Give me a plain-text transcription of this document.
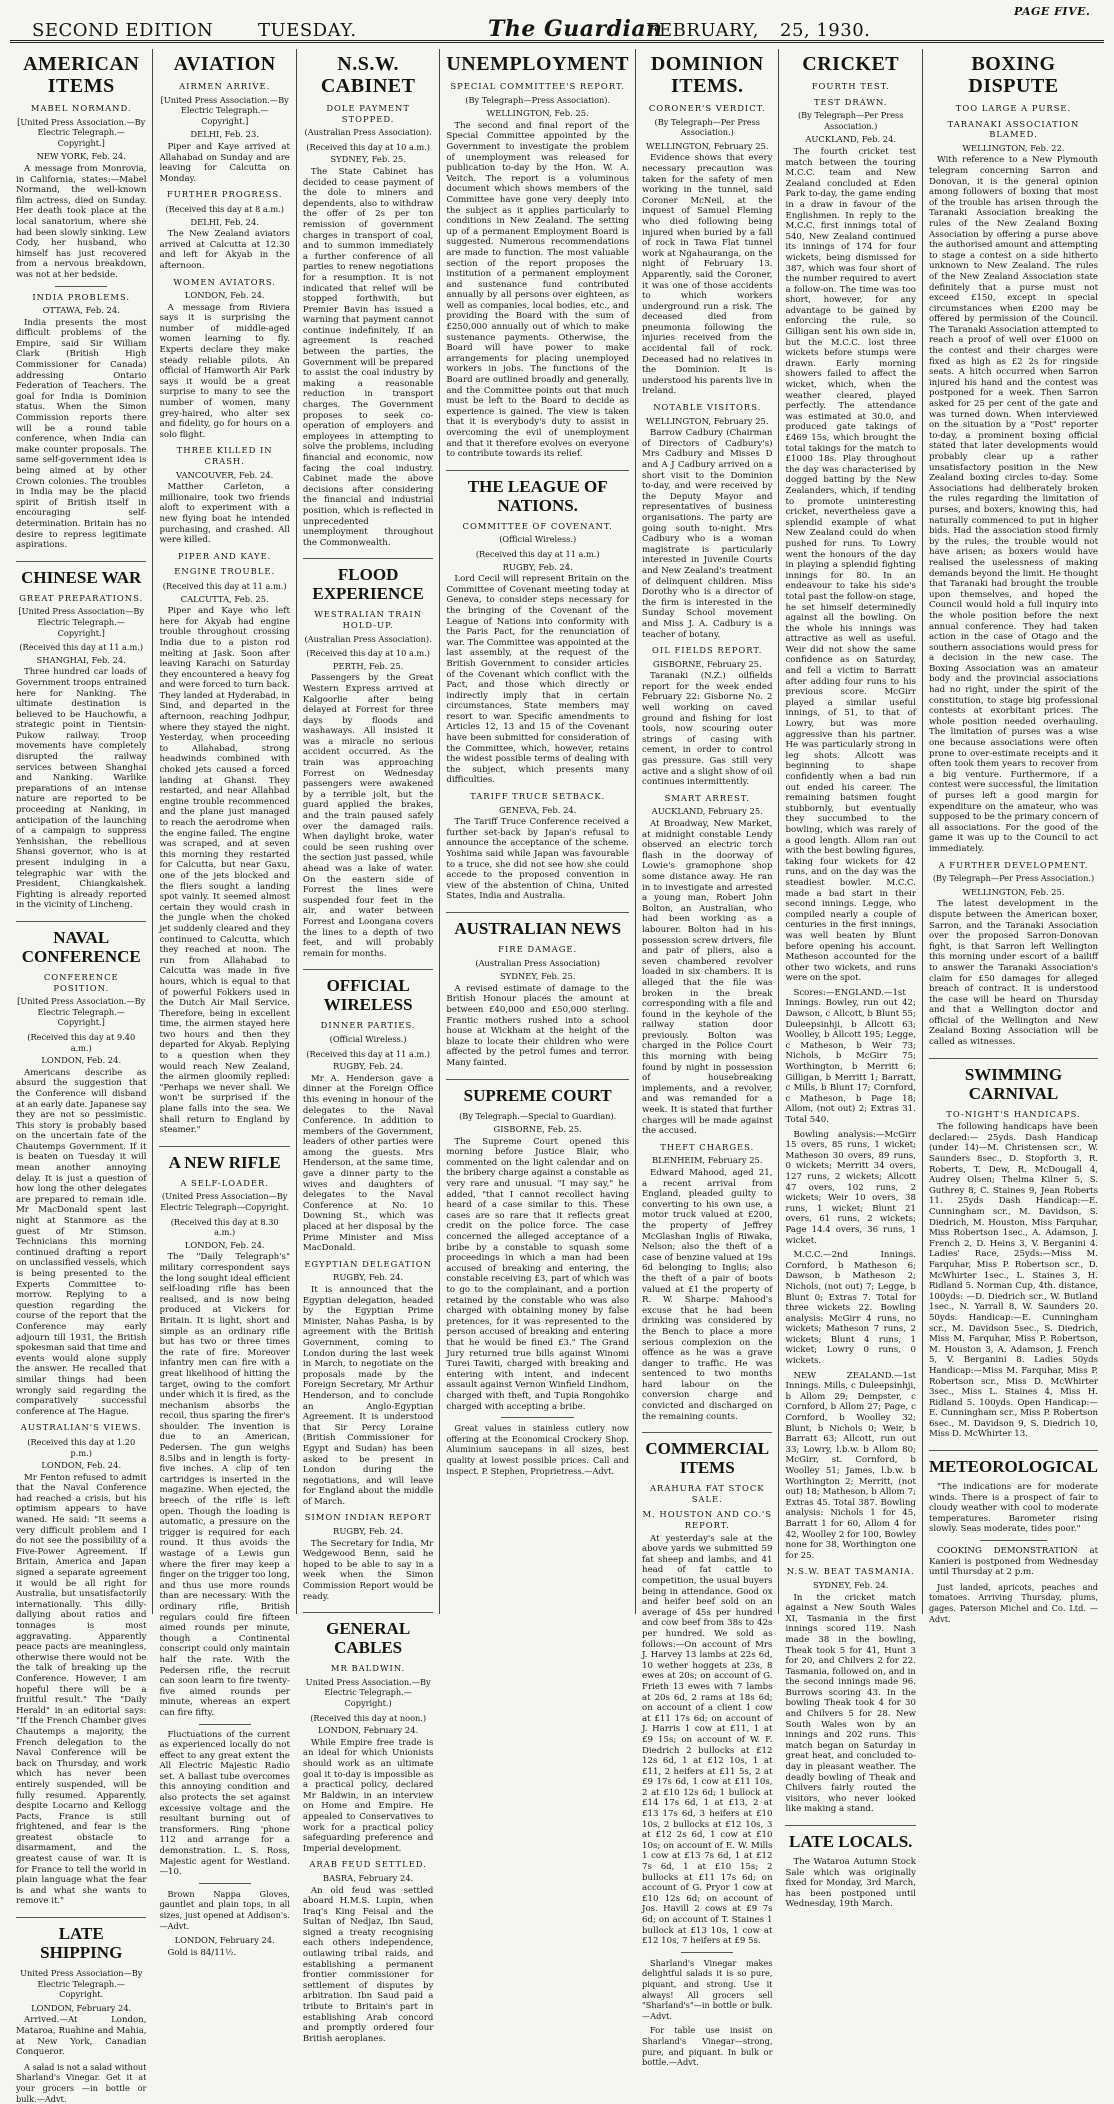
SECOND EDITION TUESDAY.	The Guardian
FEBRUARY, 25, 1930.
PAGE FIVE.
AMERICAN ITEMS
MABEL NORMAND.
[United Press Association.—By Electric Telegraph.—Copyright.]
NEW YORK, Feb. 24.

A message from Monrovia, in California, states:—Mabel Normand, the well-known film actress, died on Sunday. Her death took place at the local sanatorium, where she had been slowly sinking. Lew Cody, her husband, who himself has just recovered from a nervous breakdown, was not at her bedside.

INDIA PROBLEMS.
OTTAWA, Feb. 24.

India presents the most difficult problems of the Empire, said Sir William Clark (British High Commissioner for Canada) addressing Ontario Federation of Teachers. The goal for India is Dominion status. When the Simon Commission reports there will be a round table conference, when India can make counter proposals. The same self-government idea is being aimed at by other Crown colonies. The troubles in India may be the placid spirit of British itself in encouraging self-determination. Britain has no desire to repress legitimate aspirations.

CHINESE WAR
GREAT PREPARATIONS.
[United Press Association—By Electric Telegraph.—Copyright.]
(Received this day at 11 a.m.)
SHANGHAI, Feb. 24.

Three hundred car loads of Government troops entrained here for Nanking. The ultimate destination is believed to be Hauchowfu, a strategic point in Tientsin-Pukow railway. Troop movements have completely disrupted the railway services between Shanghai and Nanking. Warlike preparations of an intense nature are reported to be proceeding at Nanking, in anticipation of the launching of a campaign to suppress Yenhsishan, the rebellious Shansi governor, who is at present indulging in a telegraphic war with the President, Chiangkaishek. Fighting is already reported in the vicinity of Lincheng.

NAVAL CONFERENCE
CONFERENCE POSITION.
[United Press Association.—By Electric Telegraph.—Copyright.]
(Received this day at 9.40 a.m.)
LONDON, Feb. 24.

Americans describe as absurd the suggestion that the Conference will disband at an early date. Japanese say they are not so pessimistic. This story is probably based on the uncertain fate of the Chautemps Government. If it is beaten on Tuesday it will mean another annoying delay. It is just a question of how long the other delegates are prepared to remain idle. Mr MacDonald spent last night at Stanmore as the guest of Mr Stimson. Technicians this morning continued drafting a report on unclassified vessels, which is being presented to the Experts Committee to-morrow. Replying to a question regarding the course of the report that the Conference may early adjourn till 1931, the British spokesman said that time and events would alone supply the answer. He recalled that similar things had been wrongly said regarding the comparatively successful conference at The Hague.

AUSTRALIAN'S VIEWS.
(Received this day at 1.20 p.m.)
LONDON, Feb. 24.

Mr Fenton refused to admit that the Naval Conference had reached a crisis, but his optimism appears to have waned. He said: "It seems a very difficult problem and I do not see the possibility of a Five-Power Agreement. If Britain, America and Japan signed a separate agreement it would be all right for Australia, but unsatisfactorily internationally. This dilly-dallying about ratios and tonnages is most aggravating. Apparently peace pacts are meaningless, otherwise there would not be the talk of breaking up the Conference. However, I am hopeful there will be a fruitful result." The "Daily Herald" in an editorial says: "If the French Chamber gives Chautemps a majority, the French delegation to the Naval Conference will be back on Thursday, and work which has never been entirely suspended, will be fully resumed. Apparently, despite Locarno and Kellogg Pacts, France is still frightened, and fear is the greatest obstacle to disarmament, and the greatest cause of war. It is for France to tell the world in plain language what the fear is and what she wants to remove it."

LATE SHIPPING
United Press Association—By Electric Telegraph.—Copyright.
LONDON, February 24.

Arrived.—At London, Mataroa, Ruahine and Mahia, at New York, Canadian Conqueror.

A salad is not a salad without Sharland's Vinegar. Get it at your grocers —in bottle or bulk.—Advt.

AVIATION
AIRMEN ARRIVE.
[United Press Association.—By Electric Telegraph.—Copyright.]
DELHI, Feb. 23.

Piper and Kaye arrived at Allahabad on Sunday and are leaving for Calcutta on Monday.

FURTHER PROGRESS.
(Received this day at 8 a.m.)
DELHI, Feb. 24.

The New Zealand aviators arrived at Calcutta at 12.30 and left for Akyab in the afternoon.

WOMEN AVIATORS.
LONDON, Feb. 24.

A message from Riviera says it is surprising the number of middle-aged women learning to fly. Experts declare they make steady reliable pilots. An official of Hamworth Air Park says it would be a great surprise to many to see the number of women, many grey-haired, who alter sex and fidelity, go for hours on a solo flight.

THREE KILLED IN CRASH.
VANCOUVER, Feb. 24.

Matther Carleton, a millionaire, took two friends aloft to experiment with a new flying boat he intended purchasing, and crashed. All were killed.

PIPER AND KAYE.
ENGINE TROUBLE.
(Received this day at 11 a.m.)
CALCUTTA, Feb. 25.

Piper and Kaye who left here for Akyab had engine trouble throughout crossing India due to a piston rod melting at Jask. Soon after leaving Karachi on Saturday they encountered a heavy fog and were forced to turn back. They landed at Hyderabad, in Sind, and departed in the afternoon, reaching Jodhpur, where they stayed the night. Yesterday, when proceeding to Allahabad, strong headwinds combined with choked jets caused a forced landing at Ghansi. They restarted, and near Allahbad engine trouble recommenced and the plane just managed to reach the aerodrome when the engine failed. The engine was scraped, and at seven this morning they restarted for Calcutta, but near Gaxu, one of the jets blocked and the fliers sought a landing spot vainly. It seemed almost certain they would crash in the jungle when the choked jet suddenly cleared and they continued to Calcutta, which they reached at noon. The run from Allahabad to Calcutta was made in five hours, which is equal to that of powerful Fokkers used in the Dutch Air Mail Service. Therefore, being in excellent time, the airmen stayed here two hours and then they departed for Akyab. Replying to a question when they would reach New Zealand, the airmen gloomily replied: "Perhaps we never shall. We won't be surprised if the plane falls into the sea. We shall return to England by steamer."

A NEW RIFLE
A SELF-LOADER.
(United Press Association—By Electric Telegraph—Copyright.
(Received this day at 8.30 a.m.)
LONDON, Feb. 24.

The "Daily Telegraph's" military correspondent says the long sought ideal efficient self-loading rifle has been realised, and is now being produced at Vickers for Britain. It is light, short and simple as an ordinary rifle but has two or three times the rate of fire. Moreover infantry men can fire with a great likelihood of hitting the target, owing to the comfort under which it is fired, as the mechanism absorbs the recoil, thus sparing the firer's shoulder. The invention is due to an American, Pedersen. The gun weighs 8.5lbs and in length is forty-five inches. A clip of ten cartridges is inserted in the magazine. When ejected, the breech of the rifle is left open. Though the loading is automatic, a pressure on the trigger is required for each round. It thus avoids the wastage of a Lewis gun where the firer may keep a finger on the trigger too long, and thus use more rounds than are necessary. With the ordinary rifle, British regulars could fire fifteen aimed rounds per minute, though a Continental conscript could only maintain half the rate. With the Pedersen rifle, the recruit can soon learn to fire twenty-five aimed rounds per minute, whereas an expert can fire fifty.

Fluctuations of the current as experienced locally do not effect to any great extent the All Electric Majestic Radio set. A ballast tube overcomes this annoying condition and also protects the set against excessive voltage and the resultant burning out of transformers. Ring 'phone 112 and arrange for a demonstration. L. S. Ross, Majestic agent for Westland.—10.

Brown Nappa Gloves, gauntlet and plain tops, in all sizes, just opened at Addison's.—Advt.

LONDON, February 24.

Gold is 84/11½.

N.S.W. CABINET
DOLE PAYMENT STOPPED.
(Australian Press Association).
(Received this day at 10 a.m.)
SYDNEY, Feb. 25.

The State Cabinet has decided to cease payment of the dole to miners and dependents, also to withdraw the offer of 2s per ton remission of government charges in transport of coal, and to summon immediately a further conference of all parties to renew negotiations for a resumption. It is not indicated that relief will be stopped forthwith, but Premier Bavin has issued a warning that payment cannot continue indefinitely. If an agreement is reached between the parties, the Government will be prepared to assist the coal industry by making a reasonable reduction in transport charges. The Government proposes to seek co-operation of employers and employees in attempting to solve the problems, including financial and economic, now facing the coal industry. Cabinet made the above decisions after considering the financial and industrial position, which is reflected in unprecedented unemployment throughout the Commonwealth.

FLOOD EXPERIENCE
WESTRALIAN TRAIN HOLD-UP.
(Australian Press Association).
(Received this day at 10 a.m.)
PERTH, Feb. 25.

Passengers by the Great Western Express arrived at Kalgoorlie after being delayed at Forrest for three days by floods and washaways. All insisted it was a miracle no serious accident occurred. As the train was approaching Forrest on Wednesday passengers were awakened by a terrible jolt, but the guard applied the brakes, and the train paused safely over the damaged rails. When daylight broke, water could be seen rushing over the section just passed, while ahead was a lake of water. On the eastern side of Forrest the lines were suspended four feet in the air, and water between Forrest and Loongana covers the lines to a depth of two feet, and will probably remain for months.

OFFICIAL WIRELESS
DINNER PARTIES.
(Official Wireless.)
(Received this day at 11 a.m.)
RUGBY, Feb. 24.

Mr A. Henderson gave a dinner at the Foreign Office this evening in honour of the delegates to the Naval Conference. In addition to members of the Government, leaders of other parties were among the guests. Mrs Henderson, at the same time, gave a dinner party to the wives and daughters of delegates to the Naval Conference at No. 10 Downing St., which was placed at her disposal by the Prime Minister and Miss MacDonald.

EGYPTIAN DELEGATION
RUGBY, Feb. 24.

It is announced that the Egyptian delegation, headed by the Egyptian Prime Minister, Nahas Pasha, is by agreement with the British Government, coming to London during the last week in March, to negotiate on the proposals made by the Foreign Secretary, Mr Arthur Henderson, and to conclude an Anglo-Egyptian Agreement. It is understood that Sir Percy Loraine (British Commissioner for Egypt and Sudan) has been asked to be present in London during the negotiations, and will leave for England about the middle of March.

SIMON INDIAN REPORT
RUGBY, Feb. 24.

The Secretary for India, Mr Wedgewood Benn, said he hoped to be able to say in a week when the Simon Commission Report would be ready.

GENERAL CABLES
MR BALDWIN.
United Press Association.—By Electric Telegraph.—Copyright.)
(Received this day at noon.)
LONDON, February 24.

While Empire free trade is an ideal for which Unionists should work as an ultimate goal it to-day is impossible as a practical policy, declared Mr Baldwin, in an interview on Home and Empire. He appealed to Conservatives to work for a practical policy safeguarding preference and Imperial development.

ARAB FEUD SETTLED.
BASRA, February 24.

An old feud was settled aboard H.M.S. Lupin, when Iraq's King Feisal and the Sultan of Nedjaz, Ibn Saud, signed a treaty recognising each others independence, outlawing tribal raids, and establishing a permanent frontier commissioner for settlement of disputes by arbitration. Ibn Saud paid a tribute to Britain's part in establishing Arab concord and promptly ordered four British aeroplanes.

UNEMPLOYMENT
SPECIAL COMMITTEE'S REPORT.
(By Telegraph—Press Association).
WELLINGTON, Feb. 25.

The second and final report of the Special Committee appointed by the Government to investigate the problem of unemployment was released for publication to-day by the Hon. W. A. Veitch. The report is a voluminous document which shows members of the Committee have gone very deeply into the subject as it applies particularly to conditions in New Zealand. The setting up of a permanent Employment Board is suggested. Numerous recommendations are made to function. The most valuable section of the report proposes the institution of a permanent employment and sustenance fund contributed annually by all persons over eighteen, as well as companies, local bodies, etc., and providing the Board with the sum of £250,000 annually out of which to make sustenance payments. Otherwise, the Board will have power to make arrangements for placing unemployed workers in jobs. The functions of the Board are outlined broadly and generally, and the Committee points out that much must be left to the Board to decide as experience is gained. The view is taken that it is everybody's duty to assist in overcoming the evil of unemployment and that it therefore evolves on everyone to contribute towards its relief.

THE LEAGUE OF NATIONS.
COMMITTEE OF COVENANT.
(Official Wireless.)
(Received this day at 11 a.m.)
RUGBY, Feb. 24.

Lord Cecil will represent Britain on the Committee of Covenant meeting today at Geneva, to consider steps necessary for the bringing of the Covenant of the League of Nations into conformity with the Paris Pact, for the renunciation of war. The Committee was appointed at the last assembly, at the request of the British Government to consider articles of the Covenant which conflict with the Pact, and those which directly or indirectly imply that in certain circumstances, State members may resort to war. Specific amendments to Articles 12, 13 and 15 of the Covenant have been submitted for consideration of the Committee, which, however, retains the widest possible terms of dealing with the subject, which presents many difficulties.

TARIFF TRUCE SETBACK.
GENEVA, Feb. 24.

The Tariff Truce Conference received a further set-back by Japan's refusal to announce the acceptance of the scheme. Yoshima said while Japan was favourable to a truce, she did not see how she could accede to the proposed convention in view of the abstention of China, United States, India and Australia.

AUSTRALIAN NEWS
FIRE DAMAGE.
(Australian Press Association)
SYDNEY, Feb. 25.

A revised estimate of damage to the British Honour places the amount at between £40,000 and £50,000 sterling. Frantic mothers rushed into a school house at Wickham at the height of the blaze to locate their children who were affected by the petrol fumes and terror. Many fainted.

SUPREME COURT
(By Telegraph.—Special to Guardian).
GISBORNE, Feb. 25.

The Supreme Court opened this morning before Justice Blair, who commented on the light calendar and on the bribery charge against a constable as very rare and unusual. "I may say," he added, "that I cannot recollect having heard of a case similar to this. These cases are so rare that it reflects great credit on the police force. The case concerned the alleged acceptance of a bribe by a constable to squash some proceedings in which a man had been accused of breaking and entering, the constable receiving £3, part of which was to go to the complainant, and a portion retained by the constable who was also charged with obtaining money by false pretences, for it was represented to the person accused of breaking and entering that he would be fined £3." The Grand Jury returned true bills against Winomi Turei Tawiti, charged with breaking and entering with intent, and indecent assault against Vernon Winfield Lindhom, charged with theft, and Tupia Rongohiko charged with accepting a bribe.

Great values in stainless cutlery now offering at the Economical Crockery Shop. Aluminium saucepans in all sizes, best quality at lowest possible prices. Call and inspect. P. Stephen, Proprietress.—Advt.

DOMINION ITEMS.
CORONER'S VERDICT.
(By Telegraph—Per Press Association.)
WELLINGTON, February 25.

Evidence shows that every necessary precaution was taken for the safety of men working in the tunnel, said Coroner McNeil, at the inquest of Samuel Fleming who died following being injured when buried by a fall of rock in Tawa Flat tunnel work at Ngahauranga, on the night of February 13. Apparently, said the Coroner, it was one of those accidents to which workers underground run a risk. The deceased died from pneumonia following the injuries received from the accidental fall of rock. Deceased had no relatives in the Dominion. It is understood his parents live in Ireland.

NOTABLE VISITORS.
WELLINGTON, February 25.

Barrow Cadbury (Chairman of Directors of Cadbury's) Mrs Cadbury and Misses D and A J Cadbury arrived on a short visit to the Dominion to-day, and were received by the Deputy Mayor and representatives of business organisations. The party are going south to-night. Mrs Cadbury who is a woman magistrate is particularly interested in Juvenile Courts and New Zealand's treatment of delinquent children. Miss Dorothy who is a director of the firm is interested in the Sunday School movement and Miss J. A. Cadbury is a teacher of botany.

OIL FIELDS REPORT.
GISBORNE, February 25.

Taranaki (N.Z.) oilfields report for the week ended February 22: Gisborne No. 2 well working on caved ground and fishing for lost tools, now scouring outer strings of casing with cement, in order to control gas pressure. Gas still very active and a slight show of oil continues intermittently.

SMART ARREST.
AUCKLAND, February 25.

At Broadway, New Market, at midnight constable Lendy observed an electric torch flash in the doorway of Lowie's gramophone shop some distance away. He ran in to investigate and arrested a young man, Robert John Bolton, an Australian, who had been working as a labourer. Bolton had in his possession screw drivers, file and pair of pliers, also a seven chambered revolver loaded in six chambers. It is alleged that the file was broken in the break corresponding with a file and found in the keyhole of the railway station door previously. Bolton was charged in the Police Court this morning with being found by night in possession of housebreaking implements, and a revolver, and was remanded for a week. It is stated that further charges will be made against the accused.

THEFT CHARGES.
BLENHEIM, February 25.

Edward Mahood, aged 21, a recent arrival from England, pleaded guilty to converting to his own use, a motor truck valued at £200, the property of Jeffrey McGlashan Inglis of Riwaka, Nelson; also the theft of a case of benzine valued at 19s 6d belonging to Inglis; also the theft of a pair of boots valued at £1 the property of R. W. Sharpe. Mahood's excuse that he had been drinking was considered by the Bench to place a more serious complexion on the offence as he was a grave danger to traffic. He was sentenced to two months hard labour on the conversion charge and convicted and discharged on the remaining counts.

COMMERCIAL ITEMS
ARAHURA FAT STOCK SALE.
M. HOUSTON AND CO.'S REPORT.

At yesterday's sale at the above yards we submitted 59 fat sheep and lambs, and 41 head of fat cattle to competition, the usual buyers being in attendance. Good ox and heifer beef sold on an average of 45s per hundred and cow beef from 38s to 42s per hundred. We sold as follows:—On account of Mrs J. Harvey 13 lambs at 22s 6d, 10 wether hoggets at 23s, 8 ewes at 20s; on account of G. Frieth 13 ewes with 7 lambs at 20s 6d, 2 rams at 18s 6d; on account of a client 1 cow at £11 17s 6d; on account of J. Harris 1 cow at £11, 1 at £9 15s; on account of W. F. Diedrich 2 bullocks at £12 12s 6d, 1 at £12 10s, 1 at £11, 2 heifers at £11 5s, 2 at £9 17s 6d, 1 cow at £11 10s, 2 at £10 12s 6d; 1 bullock at £14 17s 6d, 1 at £13, 2 at £13 17s 6d, 3 heifers at £10 10s, 2 bullocks at £12 10s, 3 at £12 2s 6d, 1 cow at £10 10s; on account of E. W. Mills 1 cow at £13 7s 6d, 1 at £12 7s 6d, 1 at £10 15s; 2 bullocks at £11 17s 6d; on account of G. Pryor 1 cow at £10 12s 6d; on account of Jos. Havill 2 cows at £9 7s 6d; on account of T. Staines 1 bullock at £13 10s, 1 cow at £12 10s, 7 heifers at £9 5s.

Sharland's Vinegar makes delightful salads it is so pure, piquant, and strong. Use it always! All grocers sell "Sharland's"—in bottle or bulk. —Advt.

For table use insist on Sharland's Vinegar—strong, pure, and piquant. In bulk or bottle.—Advt.

CRICKET
FOURTH TEST.
TEST DRAWN.
(By Telegraph—Per Press Association.)
AUCKLAND, Feb. 24.

The fourth cricket test match between the touring M.C.C. team and New Zealand concluded at Eden Park to-day, the game ending in a draw in favour of the Englishmen. In reply to the M.C.C. first innings total of 540, New Zealand continued its innings of 174 for four wickets, being dismissed for 387, which was four short of the number required to avert a follow-on. The time was too short, however, for any advantage to be gained by enforcing the rule, so Gilligan sent his own side in, but the M.C.C. lost three wickets before stumps were drawn. Early morning showers failed to affect the wicket, which, when the weather cleared, played perfectly. The attendance was estimated at 30.0, and produced gate takings of £469 15s, which brought the total takings for the match to £1000 18s. Play throughout the day was characterised by dogged batting by the New Zealanders, which, if tending to promote uninteresting cricket, nevertheless gave a splendid example of what New Zealand could do when pushed for runs. To Lowry went the honours of the day in playing a splendid fighting innings for 80. In an endeavour to take his side's total past the follow-on stage, he set himself determinedly against all the bowling. On the whole his innings was attractive as well as useful. Weir did not show the same confidence as on Saturday, and fell a victim to Barratt after adding four runs to his previous score. McGirr played a similar useful innings, of 51, to that of Lowry, but was more aggressive than his partner. He was particularly strong in leg shots. Allcott was beginning to shape confidently when a bad run out ended his career. The remaining batsmen fought stubbornly, but eventually they succumbed to the bowling, which was rarely of a good length. Allom ran out with the best bowling figures, taking four wickets for 42 runs, and on the day was the steadiest bowler. M.C.C. made a bad start in their second innings. Legge, who compiled nearly a couple of centuries in the first innings, was well beaten by Blunt before opening his account. Matheson accounted for the other two wickets, and runs were on the spot.

Scores:—ENGLAND.—1st Innings. Bowley, run out 42; Dawson, c Allcott, b Blunt 55; Duleepsinhji, b Allcott 63; Woolley, b Allcott 195; Legge, c Matheson, b Weir 73; Nichols, b McGirr 75; Worthington, b Merritt 6; Gilligan, b Merritt 1; Barratt, c Mills, b Blunt 17; Cornford, c Matheson, b Page 18; Allom, (not out) 2; Extras 31. Total 540.

Bowling analysis:—McGirr 15 overs, 85 runs, 1 wicket; Matheson 30 overs, 89 runs, 0 wickets; Merritt 34 overs, 127 runs, 2 wickets; Allcott 47 overs, 102 runs, 2 wickets; Weir 10 overs, 38 runs, 1 wicket; Blunt 21 overs, 61 runs, 2 wickets; Page 14.4 overs, 36 runs, 1 wicket.

M.C.C.—2nd Innings. Cornford, b Matheson 6; Dawson, b Matheson 2; Nichols, (not out) 7; Legge, b Blunt 0; Extras 7. Total for three wickets 22. Bowling analysis: McGirr 4 runs, no wickets; Matheson 7 runs, 2 wickets; Blunt 4 runs, 1 wicket; Lowry 0 runs, 0 wickets.

NEW ZEALAND.—1st Innings. Mills, c Duleepsinhji, b Allom 29; Dempster, c Cornford, b Allom 27; Page, c Cornford, b Woolley 32; Blunt, b Nichols 0; Weir, b Barratt 63; Allcott, run out 33; Lowry, l.b.w. b Allom 80; McGirr, st. Cornford, b Woolley 51; James, l.b.w. b Worthington 2; Merritt, (not out) 18; Matheson, b Allom 7; Extras 45. Total 387. Bowling analysis: Nichols 1 for 45, Barratt 1 for 60, Allom 4 for 42, Woolley 2 for 100, Bowley none for 38, Worthington one for 25.

N.S.W. BEAT TASMANIA.
SYDNEY, Feb. 24.

In the cricket match against a New South Wales XI, Tasmania in the first innings scored 119. Nash made 38 in the bowling, Theak took 5 for 41, Hunt 3 for 20, and Chilvers 2 for 22. Tasmania, followed on, and in the second innings made 96. Burrows scoring 43. In the bowling Theak took 4 for 30 and Chilvers 5 for 28. New South Wales won by an innings and 202 runs. This match began on Saturday in great heat, and concluded to-day in pleasant weather. The deadly bowling of Theak and Chilvers fairly routed the visitors, who never looked like making a stand.

LATE LOCALS.

The Wataroa Autumn Stock Sale which was originally fixed for Monday, 3rd March, has been postponed until Wednesday, 19th March.

BOXING DISPUTE
TOO LARGE A PURSE.
TARANAKI ASSOCIATION BLAMED.
WELLINGTON, Feb. 22.

With reference to a New Plymouth telegram concerning Sarron and Donovan, it is the general opinion among followers of boxing that most of the trouble has arisen through the Taranaki Association breaking the rules of the New Zealand Boxing Association by offering a purse above the authorised amount and attempting to stage a contest on a side hitherto unknown to New Zealand. The rules of the New Zealand Association state definitely that a purse must not exceed £150, except in special circumstances when £200 may be offered by permission of the Council. The Taranaki Association attempted to reach a proof of well over £1000 on the contest and their charges were fixed as high as £2 2s for ringside seats. A hitch occurred when Sarron injured his hand and the contest was postponed for a week. Then Sarron asked for 25 per cent of the gate and was turned down. When interviewed on the situation by a "Post" reporter to-day, a prominent boxing official stated that later developments would probably clear up a rather unsatisfactory position in the New Zealand boxing circles to-day. Some Associations had deliberately broken the rules regarding the limitation of purses, and boxers, knowing this, had naturally commenced to put in higher bids. Had the association stood firmly by the rules, the trouble would not have arisen; as boxers would have realised the uselessness of making demands beyond the limit. He thought that Taranaki had brought the trouble upon themselves, and hoped the Council would hold a full inquiry into the whole position before the next annual conference. They had taken action in the case of Otago and the southern associations would press for a decision in the new case. The Boxing Association was an amateur body and the provincial associations had no right, under the spirit of the constitution, to stage big professional contests at exorbitant prices. The whole position needed overhauling. The limitation of purses was a wise one because associations were often prone to over-estimate receipts and it often took them years to recover from a big venture. Furthermore, if a contest were successful, the limitation of purses left a good margin for expenditure on the amateur, who was supposed to be the primary concern of all associations. For the good of the game it was up to the Council to act immediately.

A FURTHER DEVELOPMENT.
(By Telegraph—Per Press Association.)
WELLINGTON, Feb. 25.

The latest development in the dispute between the American boxer, Sarron, and the Taranaki Association over the proposed Sarron-Donovan fight, is that Sarron left Wellington this morning under escort of a bailiff to answer the Taranaki Association's claim for £50 damages for alleged breach of contract. It is understood the case will be heard on Thursday and that a Wellington doctor and official of the Wellington and New Zealand Boxing Association will be called as witnesses.

SWIMMING CARNIVAL
TO-NIGHT'S HANDICAPS.

The following handicaps have been declared:— 25yds. Dash Handicap (under 14)—M. Christensen scr., W. Saunders 8sec., D. Stopforth 3, R. Roberts, T. Dew, R. McDougall 4, Audrey Olsen; Thelma Kilner 5, S. Guthrey 8, C. Staines 9, Jean Roberts 11. 25yds Dash Handicap:—E. Cunningham scr., M. Davidson, S. Diedrich, M. Houston, Miss Farquhar, Miss Robertson 1sec., A. Adamson, J. French 2, D. Heins 3, V. Berganini 4. Ladies' Race, 25yds:—Miss M. Farquhar, Miss P. Robertson scr., D. McWhirter 1sec., L. Staines 3, H. Ridland 5. Norman Cup, 4th. distance, 100yds: —D. Diedrich scr., W. Butland 1sec., N. Yarrall 8, W. Saunders 20. 50yds. Handicap:—E. Cunningham scr., M. Davidson 5sec., S. Diedrich, Miss M. Farquhar, Miss P. Robertson, M. Houston 3, A. Adamson, J. French 5, V. Berganini 8. Ladies 50yds Handicap:—Miss M. Farquhar, Miss P. Robertson scr., Miss D. McWhirter 3sec., Miss L. Staines 4, Miss H. Ridland 5. 100yds. Open Handicap:—E. Cunningham scr., Miss P. Robertson 6sec., M. Davidson 9, S. Diedrich 10, Miss D. McWhirter 13.

METEOROLOGICAL

"The indications are for moderate winds. There is a prospect of fair to cloudy weather with cool to moderate temperatures. Barometer rising slowly. Seas moderate, tides poor."

COOKING DEMONSTRATION at Kanieri is postponed from Wednesday until Thursday at 2 p.m.

Just landed, apricots, peaches and tomatoes. Arriving Thursday, plums, gages. Paterson Michel and Co. Ltd. —Advt.
